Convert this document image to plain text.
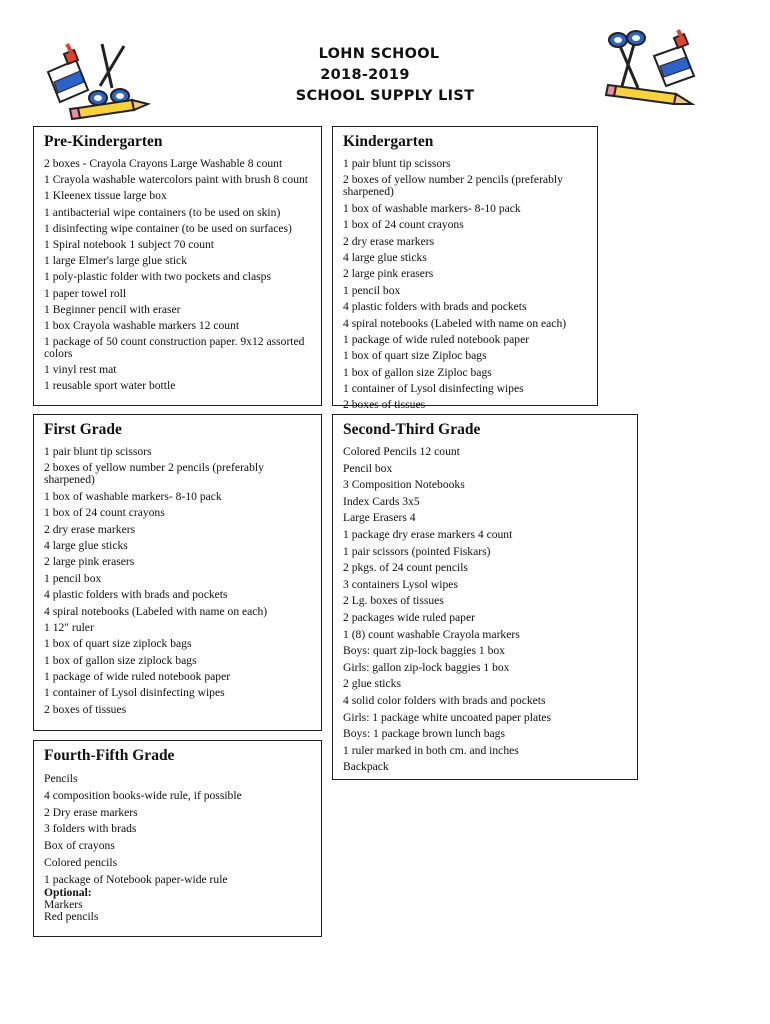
LOHN SCHOOL
2018-2019
SCHOOL SUPPLY LIST
Pre-Kindergarten
2 boxes - Crayola Crayons Large Washable 8 count
1 Crayola washable watercolors paint with brush 8 count
1 Kleenex tissue large box
1 antibacterial wipe containers (to be used on skin)
1 disinfecting wipe container (to be used on surfaces)
1 Spiral notebook 1 subject 70 count
1 large Elmer's large glue stick
1 poly-plastic folder with two pockets and clasps
1 paper towel roll
1 Beginner pencil with eraser
1 box Crayola washable markers 12 count
1 package of 50 count construction paper. 9x12 assorted colors
1 vinyl rest mat
1 reusable sport water bottle
Kindergarten
1 pair blunt tip scissors
2 boxes of yellow number 2 pencils (preferably sharpened)
1 box of washable markers- 8-10 pack
1 box of 24 count crayons
2 dry erase markers
4 large glue sticks
2 large pink erasers
1 pencil box
4 plastic folders with brads and pockets
4 spiral notebooks (Labeled with name on each)
1 package of wide ruled notebook paper
1 box of quart size Ziploc bags
1 box of gallon size Ziploc bags
1 container of Lysol disinfecting wipes
2 boxes of tissues
First Grade
1 pair blunt tip scissors
2 boxes of yellow number 2 pencils (preferably sharpened)
1 box of washable markers- 8-10 pack
1 box of 24 count crayons
2 dry erase markers
4 large glue sticks
2 large pink erasers
1 pencil box
4 plastic folders with brads and pockets
4 spiral notebooks (Labeled with name on each)
1 12" ruler
1 box of quart size ziplock bags
1 box of gallon size ziplock bags
1 package of wide ruled notebook paper
1 container of Lysol disinfecting wipes
2 boxes of tissues
Second-Third Grade
Colored Pencils 12 count
Pencil box
3 Composition Notebooks
Index Cards 3x5
Large Erasers 4
1 package dry erase markers 4 count
1 pair scissors (pointed Fiskars)
2 pkgs. of 24 count pencils
3 containers Lysol wipes
2 Lg. boxes of tissues
2 packages wide ruled paper
1 (8) count washable Crayola markers
Boys: quart zip-lock baggies 1 box
Girls: gallon zip-lock baggies 1 box
2 glue sticks
4 solid color folders with brads and pockets
Girls: 1 package white uncoated paper plates
Boys: 1 package brown lunch bags
1 ruler marked in both cm. and inches
Backpack
Fourth-Fifth Grade
Pencils
4 composition books-wide rule, if possible
2 Dry erase markers
3 folders with brads
Box of crayons
Colored pencils
1 package of Notebook paper-wide rule
Optional:
Markers
Red pencils
